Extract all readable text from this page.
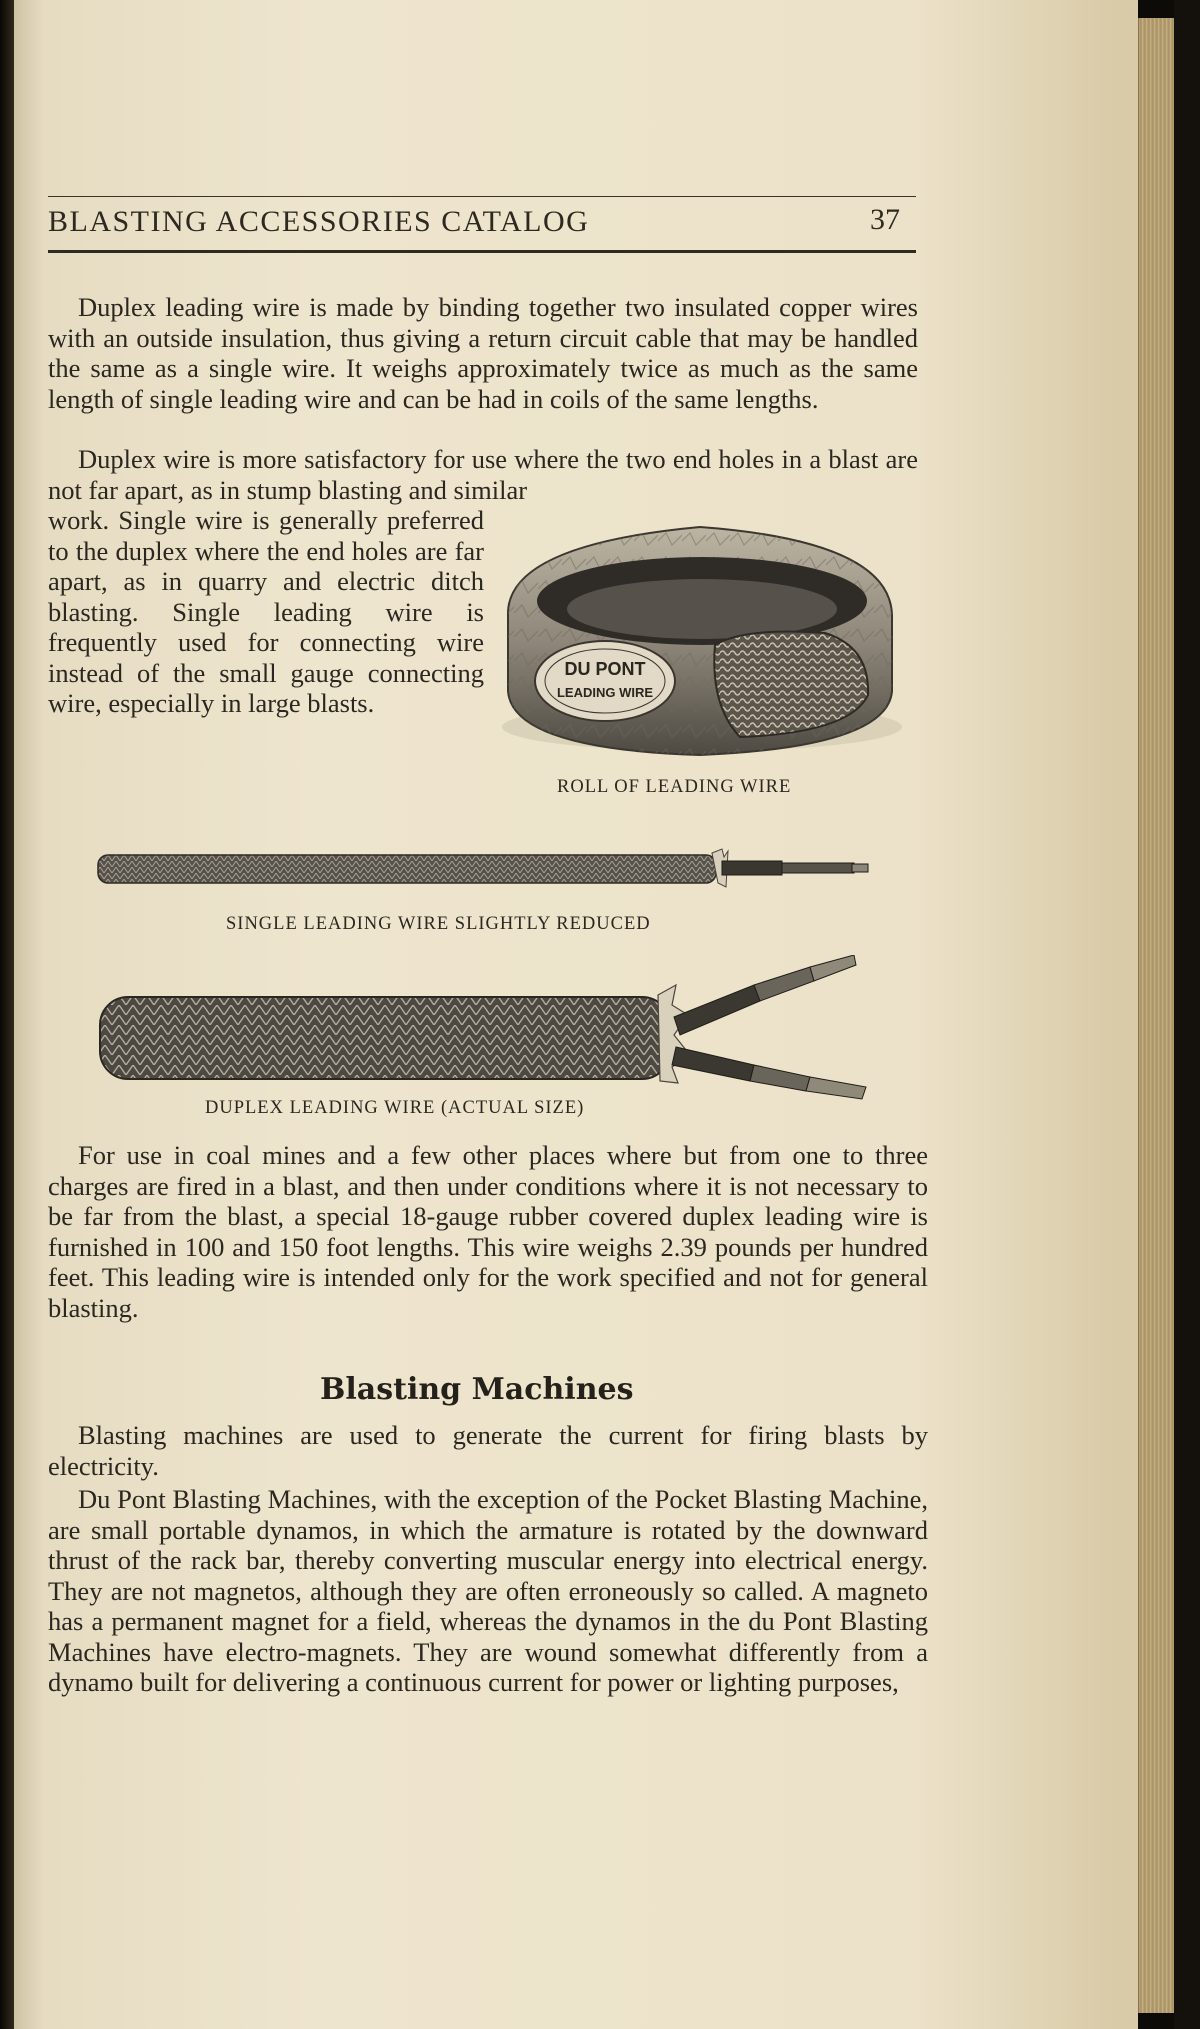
BLASTING ACCESSORIES CATALOG	37

Duplex leading wire is made by binding together two insulated copper wires with an outside insulation, thus giving a return circuit cable that may be handled the same as a single wire. It weighs approximately twice as much as the same length of single leading wire and can be had in coils of the same lengths.

Duplex wire is more satisfactory for use where the two end holes in a blast are not far apart, as in stump blasting and similar

work. Single wire is generally preferred to the duplex where the end holes are far apart, as in quarry and electric ditch blasting. Single leading wire is frequently used for connecting wire instead of the small gauge connecting wire, especially in large blasts.

DU PONT
LEADING WIRE
ROLL OF LEADING WIRE
SINGLE LEADING WIRE SLIGHTLY REDUCED
DUPLEX LEADING WIRE (ACTUAL SIZE)

For use in coal mines and a few other places where but from one to three charges are fired in a blast, and then under conditions where it is not necessary to be far from the blast, a special 18-gauge rubber covered duplex leading wire is furnished in 100 and 150 foot lengths. This wire weighs 2.39 pounds per hundred feet. This leading wire is intended only for the work specified and not for general blasting.

Blasting Machines

Blasting machines are used to generate the current for firing blasts by electricity.

Du Pont Blasting Machines, with the exception of the Pocket Blasting Machine, are small portable dynamos, in which the armature is rotated by the downward thrust of the rack bar, thereby converting muscular energy into electrical energy. They are not magnetos, although they are often erroneously so called. A magneto has a permanent magnet for a field, whereas the dynamos in the du Pont Blasting Machines have electro-magnets. They are wound somewhat differently from a dynamo built for delivering a continuous current for power or lighting purposes,
